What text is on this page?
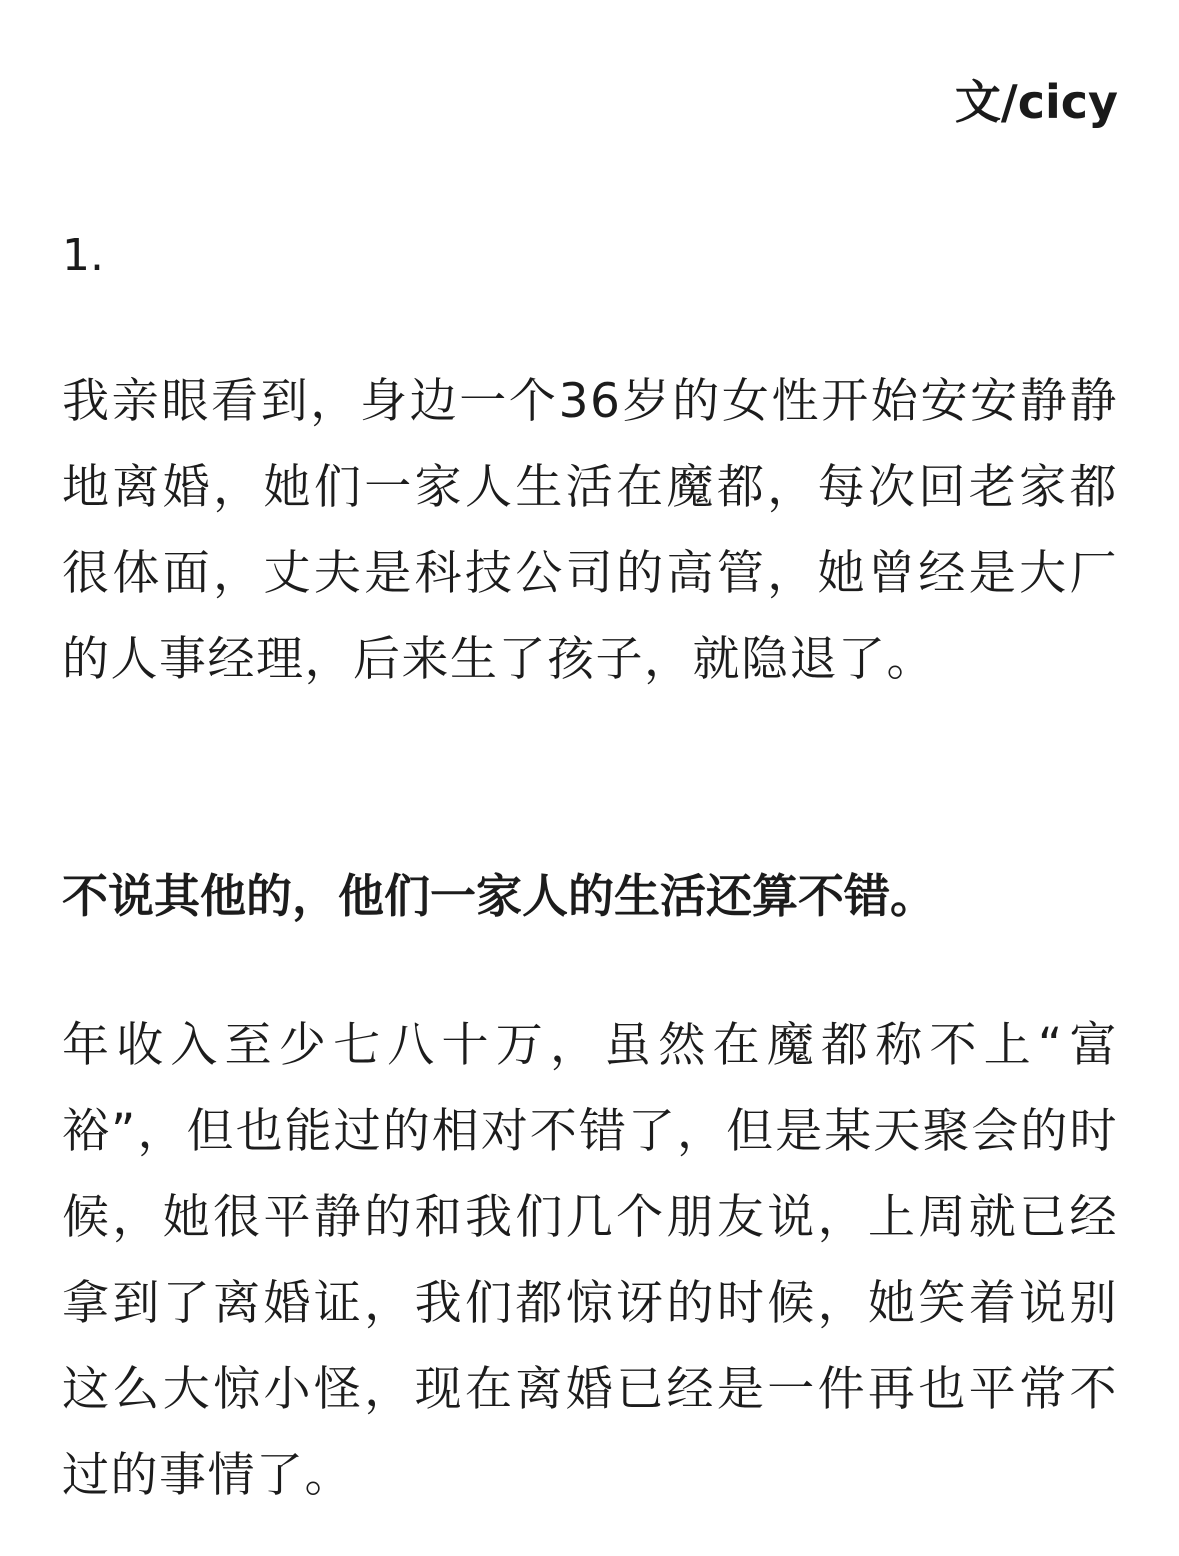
文/cicy
1.

我亲眼看到，身边一个36岁的女性开始安安静静地离婚，她们一家人生活在魔都，每次回老家都很体面，丈夫是科技公司的高管，她曾经是大厂的人事经理，后来生了孩子，就隐退了。

不说其他的，他们一家人的生活还算不错。

年收入至少七八十万，虽然在魔都称不上“富裕”，但也能过的相对不错了，但是某天聚会的时候，她很平静的和我们几个朋友说，上周就已经拿到了离婚证，我们都惊讶的时候，她笑着说别这么大惊小怪，现在离婚已经是一件再也平常不过的事情了。
